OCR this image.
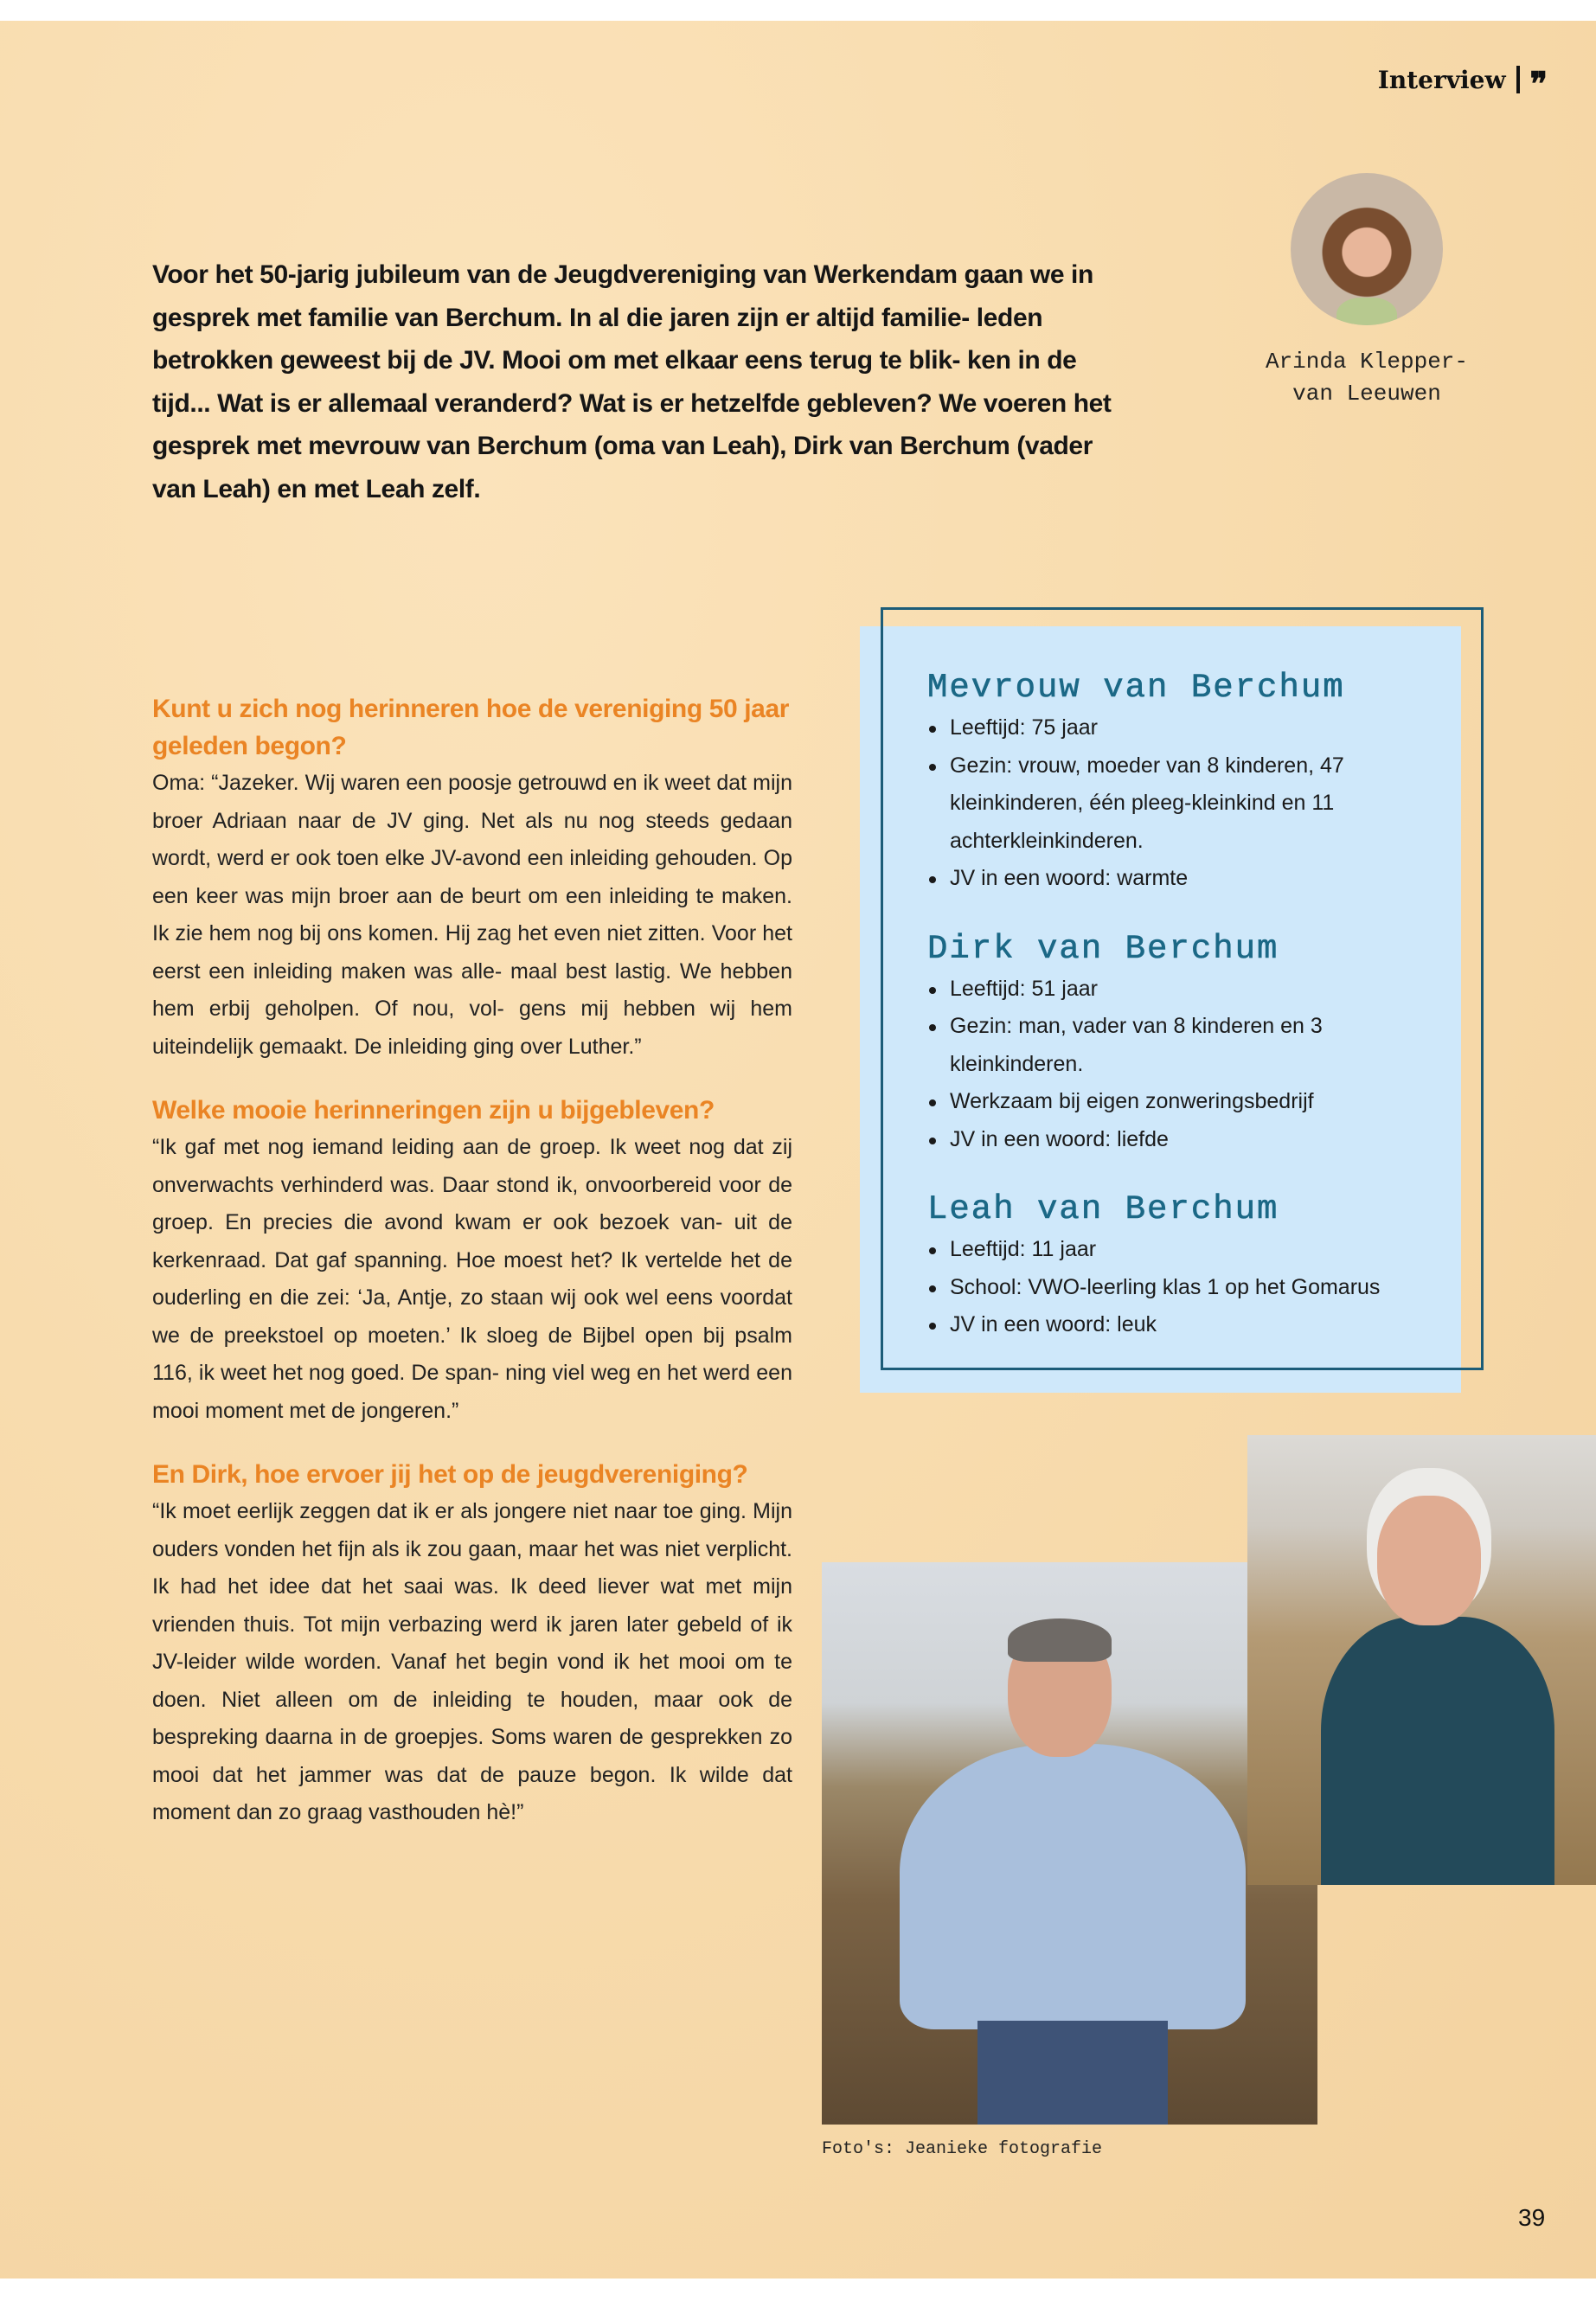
Interview ❞
Arinda Klepper-
van Leeuwen
Voor het 50-jarig jubileum van de Jeugdvereniging van Werkendam gaan we in gesprek met familie van Berchum. In al die jaren zijn er altijd familie- leden betrokken geweest bij de JV. Mooi om met elkaar eens terug te blik- ken in de tijd... Wat is er allemaal veranderd? Wat is er hetzelfde gebleven? We voeren het gesprek met mevrouw van Berchum (oma van Leah), Dirk van Berchum (vader van Leah) en met Leah zelf.
Kunt u zich nog herinneren hoe de vereniging 50 jaar geleden begon?

Oma: “Jazeker. Wij waren een poosje getrouwd en ik weet dat mijn broer Adriaan naar de JV ging. Net als nu nog steeds gedaan wordt, werd er ook toen elke JV-avond een inleiding gehouden. Op een keer was mijn broer aan de beurt om een inleiding te maken. Ik zie hem nog bij ons komen. Hij zag het even niet zitten. Voor het eerst een inleiding maken was alle- maal best lastig. We hebben hem erbij geholpen. Of nou, vol- gens mij hebben wij hem uiteindelijk gemaakt. De inleiding ging over Luther.”

Welke mooie herinneringen zijn u bijgebleven?

“Ik gaf met nog iemand leiding aan de groep. Ik weet nog dat zij onverwachts verhinderd was. Daar stond ik, onvoorbereid voor de groep. En precies die avond kwam er ook bezoek van- uit de kerkenraad. Dat gaf spanning. Hoe moest het? Ik vertelde het de ouderling en die zei: ‘Ja, Antje, zo staan wij ook wel eens voordat we de preekstoel op moeten.’ Ik sloeg de Bijbel open bij psalm 116, ik weet het nog goed. De span- ning viel weg en het werd een mooi moment met de jongeren.”

En Dirk, hoe ervoer jij het op de jeugdvereniging?

“Ik moet eerlijk zeggen dat ik er als jongere niet naar toe ging. Mijn ouders vonden het fijn als ik zou gaan, maar het was niet verplicht. Ik had het idee dat het saai was. Ik deed liever wat met mijn vrienden thuis. Tot mijn verbazing werd ik jaren later gebeld of ik JV-leider wilde worden. Vanaf het begin vond ik het mooi om te doen. Niet alleen om de inleiding te houden, maar ook de bespreking daarna in de groepjes. Soms waren de gesprekken zo mooi dat het jammer was dat de pauze begon. Ik wilde dat moment dan zo graag vasthouden hè!”

Mevrouw van Berchum
Leeftijd: 75 jaar
Gezin: vrouw, moeder van 8 kinderen, 47 kleinkinderen, één pleeg-kleinkind en 11 achterkleinkinderen.
JV in een woord: warmte
Dirk van Berchum
Leeftijd: 51 jaar
Gezin: man, vader van 8 kinderen en 3 kleinkinderen.
Werkzaam bij eigen zonweringsbedrijf
JV in een woord: liefde
Leah van Berchum
Leeftijd: 11 jaar
School: VWO-leerling klas 1 op het Gomarus
JV in een woord: leuk
Foto's: Jeanieke fotografie
39
